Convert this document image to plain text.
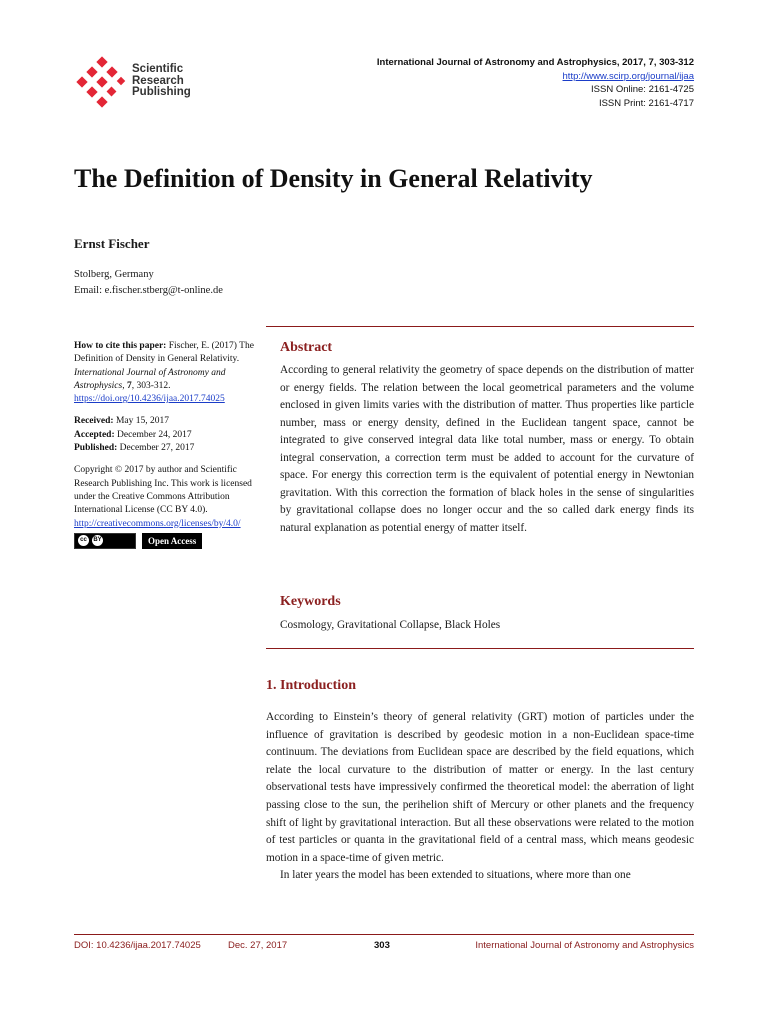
Scientific
Research
Publishing
International Journal of Astronomy and Astrophysics, 2017, 7, 303-312
http://www.scirp.org/journal/ijaa
ISSN Online: 2161-4725
ISSN Print: 2161-4717
The Definition of Density in General Relativity
Ernst Fischer
Stolberg, Germany
Email: e.fischer.stberg@t-online.de

How to cite this paper: Fischer, E. (2017) The Definition of Density in General Relativity. International Journal of Astronomy and Astrophysics, 7, 303-312.
https://doi.org/10.4236/ijaa.2017.74025

Received: May 15, 2017
Accepted: December 24, 2017
Published: December 27, 2017

Copyright © 2017 by author and Scientific Research Publishing Inc. This work is licensed under the Creative Commons Attribution International License (CC BY 4.0).
http://creativecommons.org/licenses/by/4.0/

cc	BY	Open Access
Abstract

According to general relativity the geometry of space depends on the distribution of matter or energy fields. The relation between the local geometrical parameters and the volume enclosed in given limits varies with the distribution of matter. Thus properties like particle number, mass or energy density, defined in the Euclidean tangent space, cannot be integrated to give conserved integral data like total number, mass or energy. To obtain integral conservation, a correction term must be added to account for the curvature of space. For energy this correction term is the equivalent of potential energy in Newtonian gravitation. With this correction the formation of black holes in the sense of singularities by gravitational collapse does no longer occur and the so called dark energy finds its natural explanation as potential energy of matter itself.

Keywords

Cosmology, Gravitational Collapse, Black Holes

1. Introduction

According to Einstein’s theory of general relativity (GRT) motion of particles under the influence of gravitation is described by geodesic motion in a non-Euclidean space-time continuum. The deviations from Euclidean space are described by the field equations, which relate the local curvature to the distribution of matter or energy. In the last century observational tests have impressively confirmed the theoretical model: the aberration of light passing close to the sun, the perihelion shift of Mercury or other planets and the frequency shift of light by gravitational interaction. But all these observations were related to the motion of test particles or quanta in the gravitational field of a central mass, which means geodesic motion in a space-time of given metric.

In later years the model has been extended to situations, where more than one

DOI: 10.4236/ijaa.2017.74025	Dec. 27, 2017	303	International Journal of Astronomy and Astrophysics
